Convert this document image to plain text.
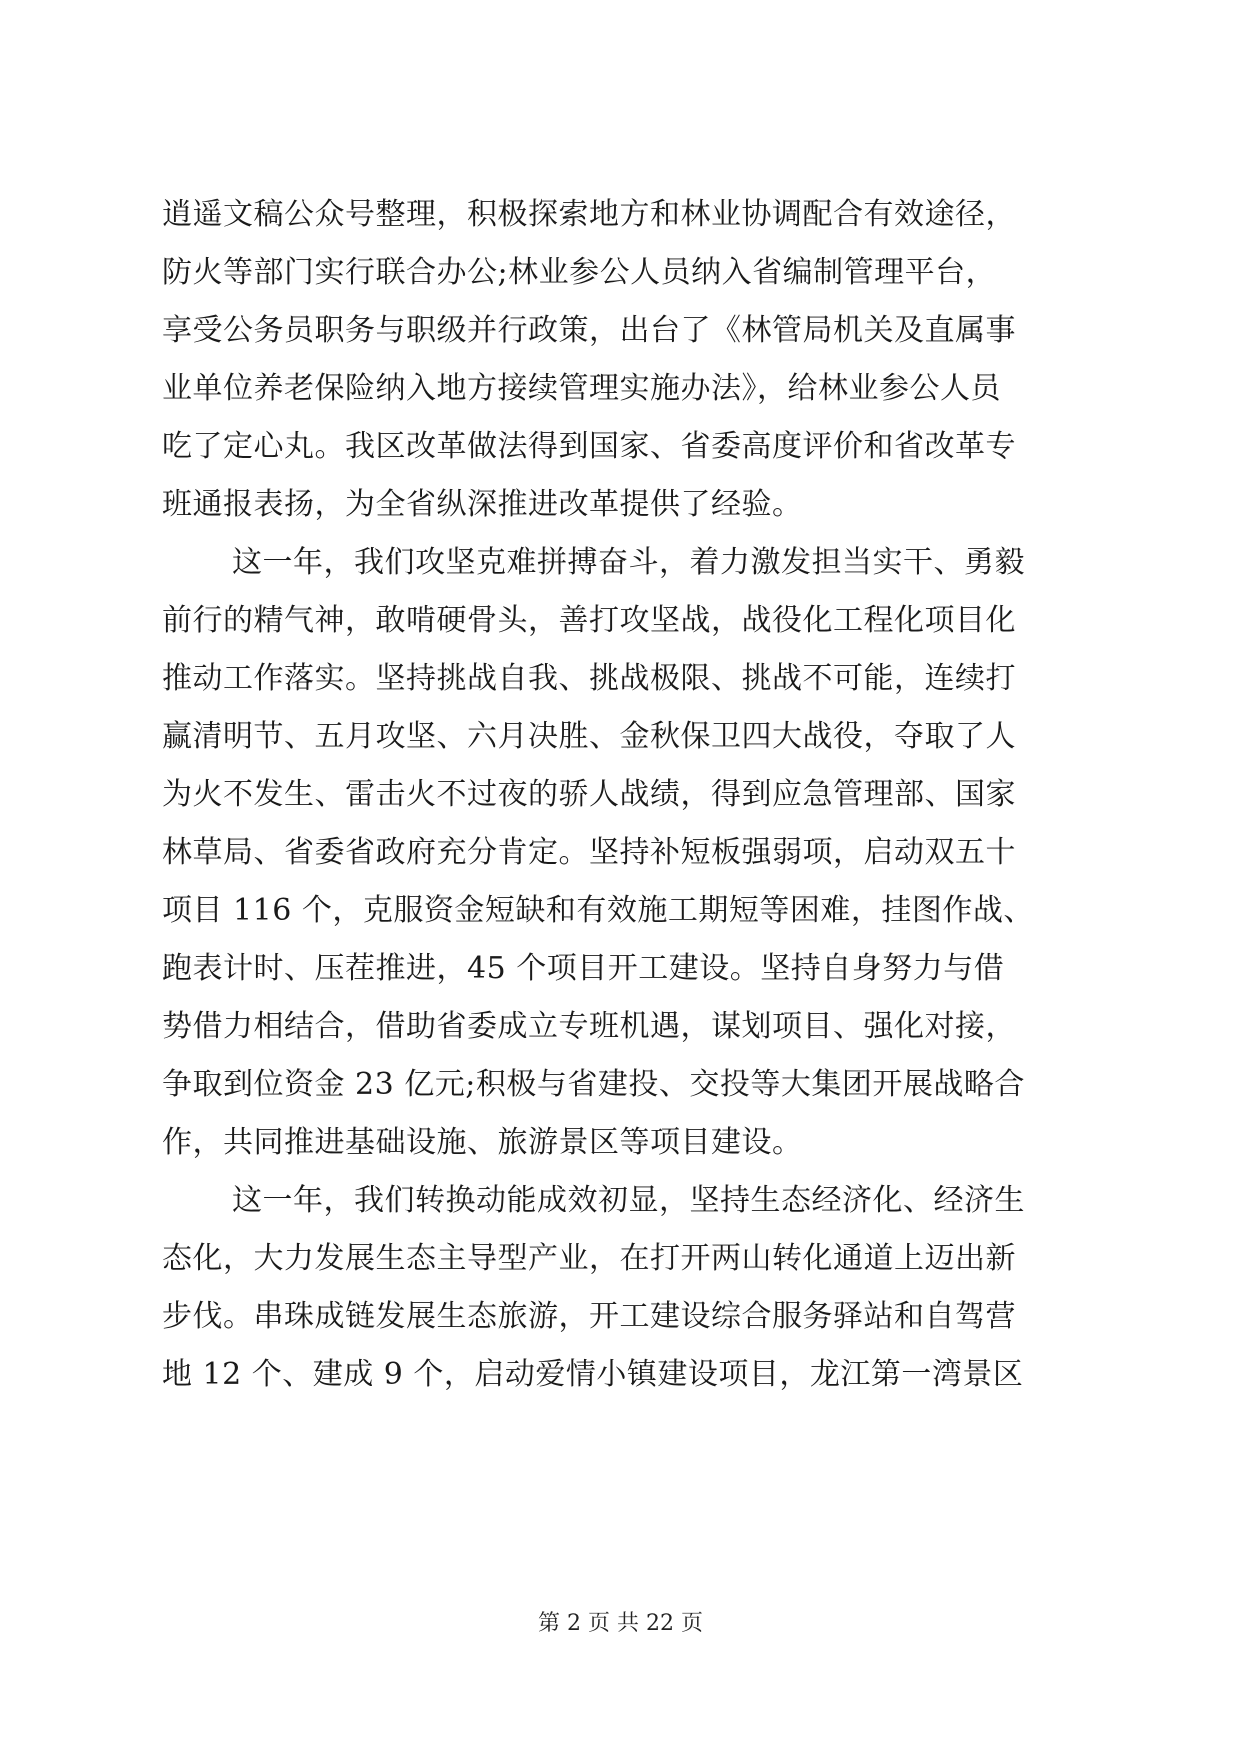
逍遥文稿公众号整理，积极探索地方和林业协调配合有效途径，
防火等部门实行联合办公;林业参公人员纳入省编制管理平台，
享受公务员职务与职级并行政策，出台了《林管局机关及直属事
业单位养老保险纳入地方接续管理实施办法》，给林业参公人员
吃了定心丸。我区改革做法得到国家、省委高度评价和省改革专
班通报表扬，为全省纵深推进改革提供了经验。
这一年，我们攻坚克难拼搏奋斗，着力激发担当实干、勇毅
前行的精气神，敢啃硬骨头，善打攻坚战，战役化工程化项目化
推动工作落实。坚持挑战自我、挑战极限、挑战不可能，连续打
赢清明节、五月攻坚、六月决胜、金秋保卫四大战役，夺取了人
为火不发生、雷击火不过夜的骄人战绩，得到应急管理部、国家
林草局、省委省政府充分肯定。坚持补短板强弱项，启动双五十
项目 116 个，克服资金短缺和有效施工期短等困难，挂图作战、
跑表计时、压茬推进，45 个项目开工建设。坚持自身努力与借
势借力相结合，借助省委成立专班机遇，谋划项目、强化对接，
争取到位资金 23 亿元;积极与省建投、交投等大集团开展战略合
作，共同推进基础设施、旅游景区等项目建设。
这一年，我们转换动能成效初显，坚持生态经济化、经济生
态化，大力发展生态主导型产业，在打开两山转化通道上迈出新
步伐。串珠成链发展生态旅游，开工建设综合服务驿站和自驾营
地 12 个、建成 9 个，启动爱情小镇建设项目，龙江第一湾景区
第 2 页 共 22 页
